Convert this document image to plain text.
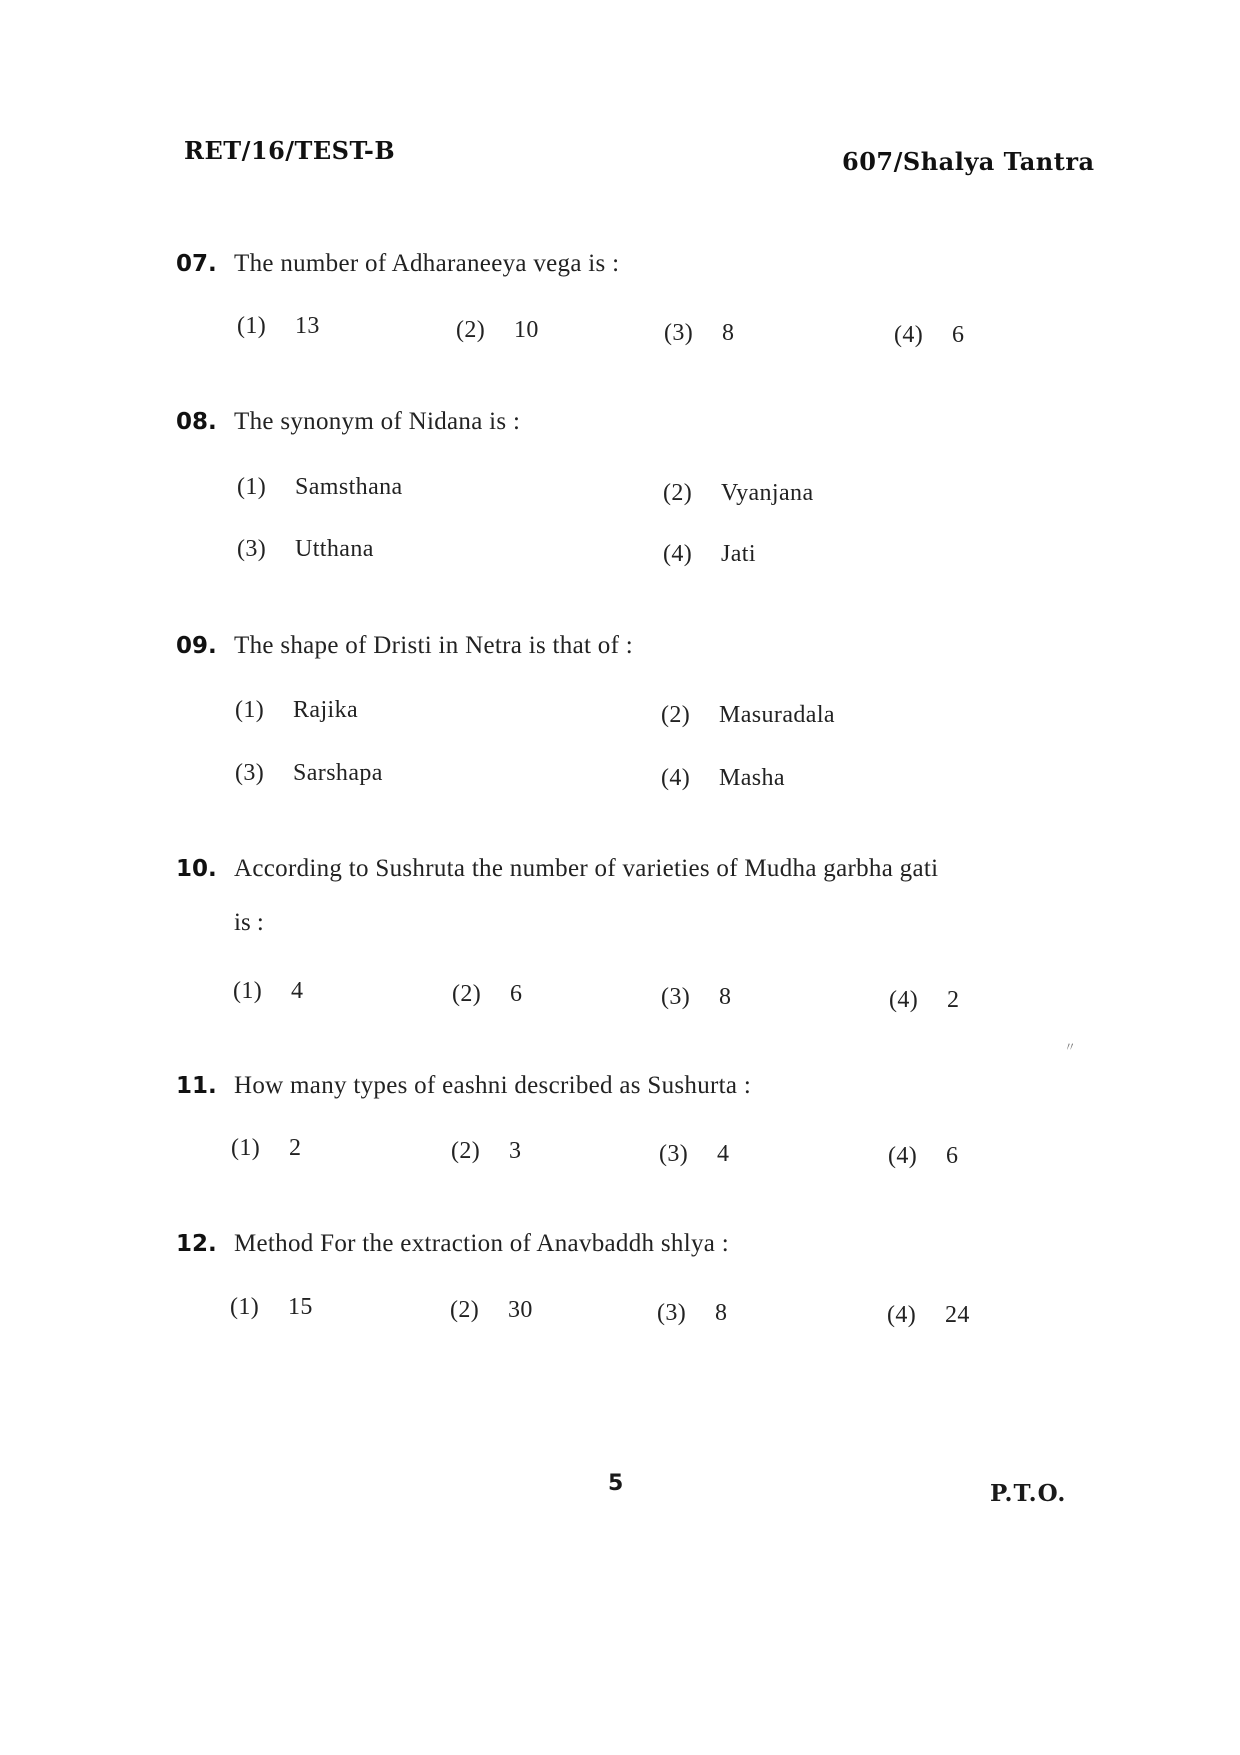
RET/16/TEST-B	607/Shalya Tantra
07. The number of Adharaneeya vega is :
(1) 13	(2) 10	(3) 8	(4) 6
08. The synonym of Nidana is :
(1) Samsthana	(2) Vyanjana
(3) Utthana	(4) Jati
09. The shape of Dristi in Netra is that of :
(1) Rajika	(2) Masuradala
(3) Sarshapa	(4) Masha
10. According to Sushruta the number of varieties of Mudha garbha gati
is :
(1) 4	(2) 6	(3) 8	(4) 2
〃
11. How many types of eashni described as Sushurta :
(1) 2	(2) 3	(3) 4	(4) 6
12. Method For the extraction of Anavbaddh shlya :
(1) 15	(2) 30	(3) 8	(4) 24
5	P.T.O.
